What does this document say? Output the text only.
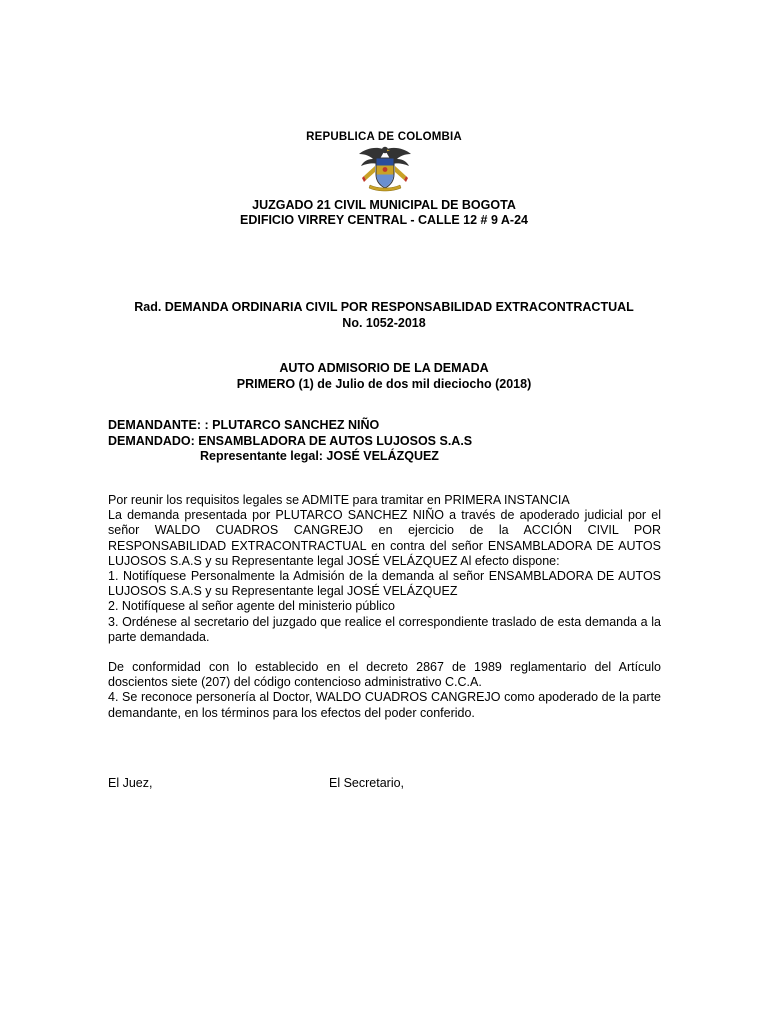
REPUBLICA DE COLOMBIA
JUZGADO 21 CIVIL MUNICIPAL DE BOGOTA
EDIFICIO VIRREY CENTRAL - CALLE 12 # 9 A-24
Rad. DEMANDA ORDINARIA CIVIL POR RESPONSABILIDAD EXTRACONTRACTUAL
No. 1052-2018
AUTO ADMISORIO DE LA DEMADA
PRIMERO (1) de Julio de dos mil dieciocho (2018)
DEMANDANTE: : PLUTARCO SANCHEZ NIÑO
DEMANDADO: ENSAMBLADORA DE AUTOS LUJOSOS S.A.S
Representante legal: JOSÉ VELÁZQUEZ

Por reunir los requisitos legales se ADMITE para tramitar en PRIMERA INSTANCIA

La demanda presentada por PLUTARCO SANCHEZ NIÑO a través de apoderado judicial por el señor WALDO CUADROS CANGREJO en ejercicio de la ACCIÓN CIVIL POR RESPONSABILIDAD EXTRACONTRACTUAL en contra del señor ENSAMBLADORA DE AUTOS LUJOSOS S.A.S y su Representante legal JOSÉ VELÁZQUEZ Al efecto dispone:

1. Notifíquese Personalmente la Admisión de la demanda al señor ENSAMBLADORA DE AUTOS LUJOSOS S.A.S y su Representante legal JOSÉ VELÁZQUEZ

2. Notifíquese al señor agente del ministerio público

3. Ordénese al secretario del juzgado que realice el correspondiente traslado de esta demanda a la parte demandada.

De conformidad con lo establecido en el decreto 2867 de 1989 reglamentario del Artículo doscientos siete (207) del código contencioso administrativo C.C.A.

4. Se reconoce personería al Doctor, WALDO CUADROS CANGREJO como apoderado de la parte demandante, en los términos para los efectos del poder conferido.

El Juez,	El Secretario,
